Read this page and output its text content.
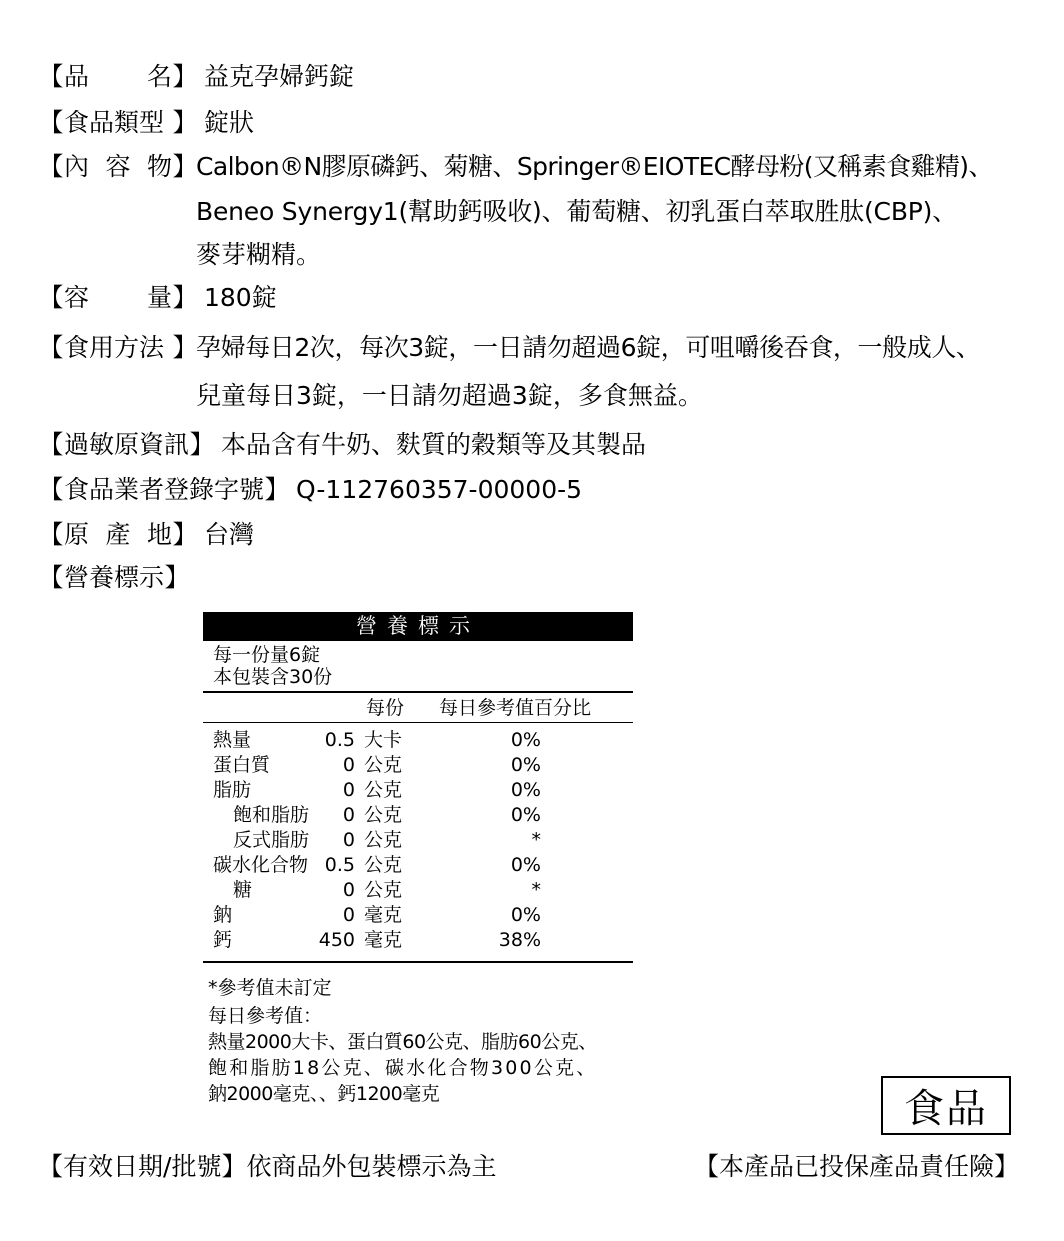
【 品 名 】 益克孕婦鈣錠
【 食品類型 】 錠狀
【 內 容 物 】
Calbon®N膠原磷鈣、菊糖、Springer®EIOTEC酵母粉(又稱素食雞精)、
Beneo Synergy1(幫助鈣吸收)、葡萄糖、初乳蛋白萃取胜肽(CBP)、
麥芽糊精。
【 容 量 】 180錠
【 食用方法 】
孕婦每日2次，每次3錠，一日請勿超過6錠，可咀嚼後吞食，一般成人、
兒童每日3錠，一日請勿超過3錠，多食無益。
【 過敏原資訊 】 本品含有牛奶、麩質的穀類等及其製品
【 食品業者登錄字號 】 Q-112760357-00000-5
【 原 產 地 】 台灣
【 營養標示 】
營養標示
每一份量6錠
本包裝含30份
每份 每日參考值百分比
熱量	0.5 大卡	0%
蛋白質	0 公克	0%
脂肪	0 公克	0%
飽和脂肪 0 公克	0%
反式脂肪 0 公克	*
碳水化合物 0.5 公克	0%
糖	0 公克	*
鈉	0 毫克	0%
鈣	450 毫克	38%
*參考值未訂定
每日參考值：
熱量2000大卡、蛋白質60公克、脂肪60公克、
飽和脂肪18公克、碳水化合物300公克、
鈉2000毫克、、鈣1200毫克	食品
【有效日期/批號】依商品外包裝標示為主	【本產品已投保產品責任險】
